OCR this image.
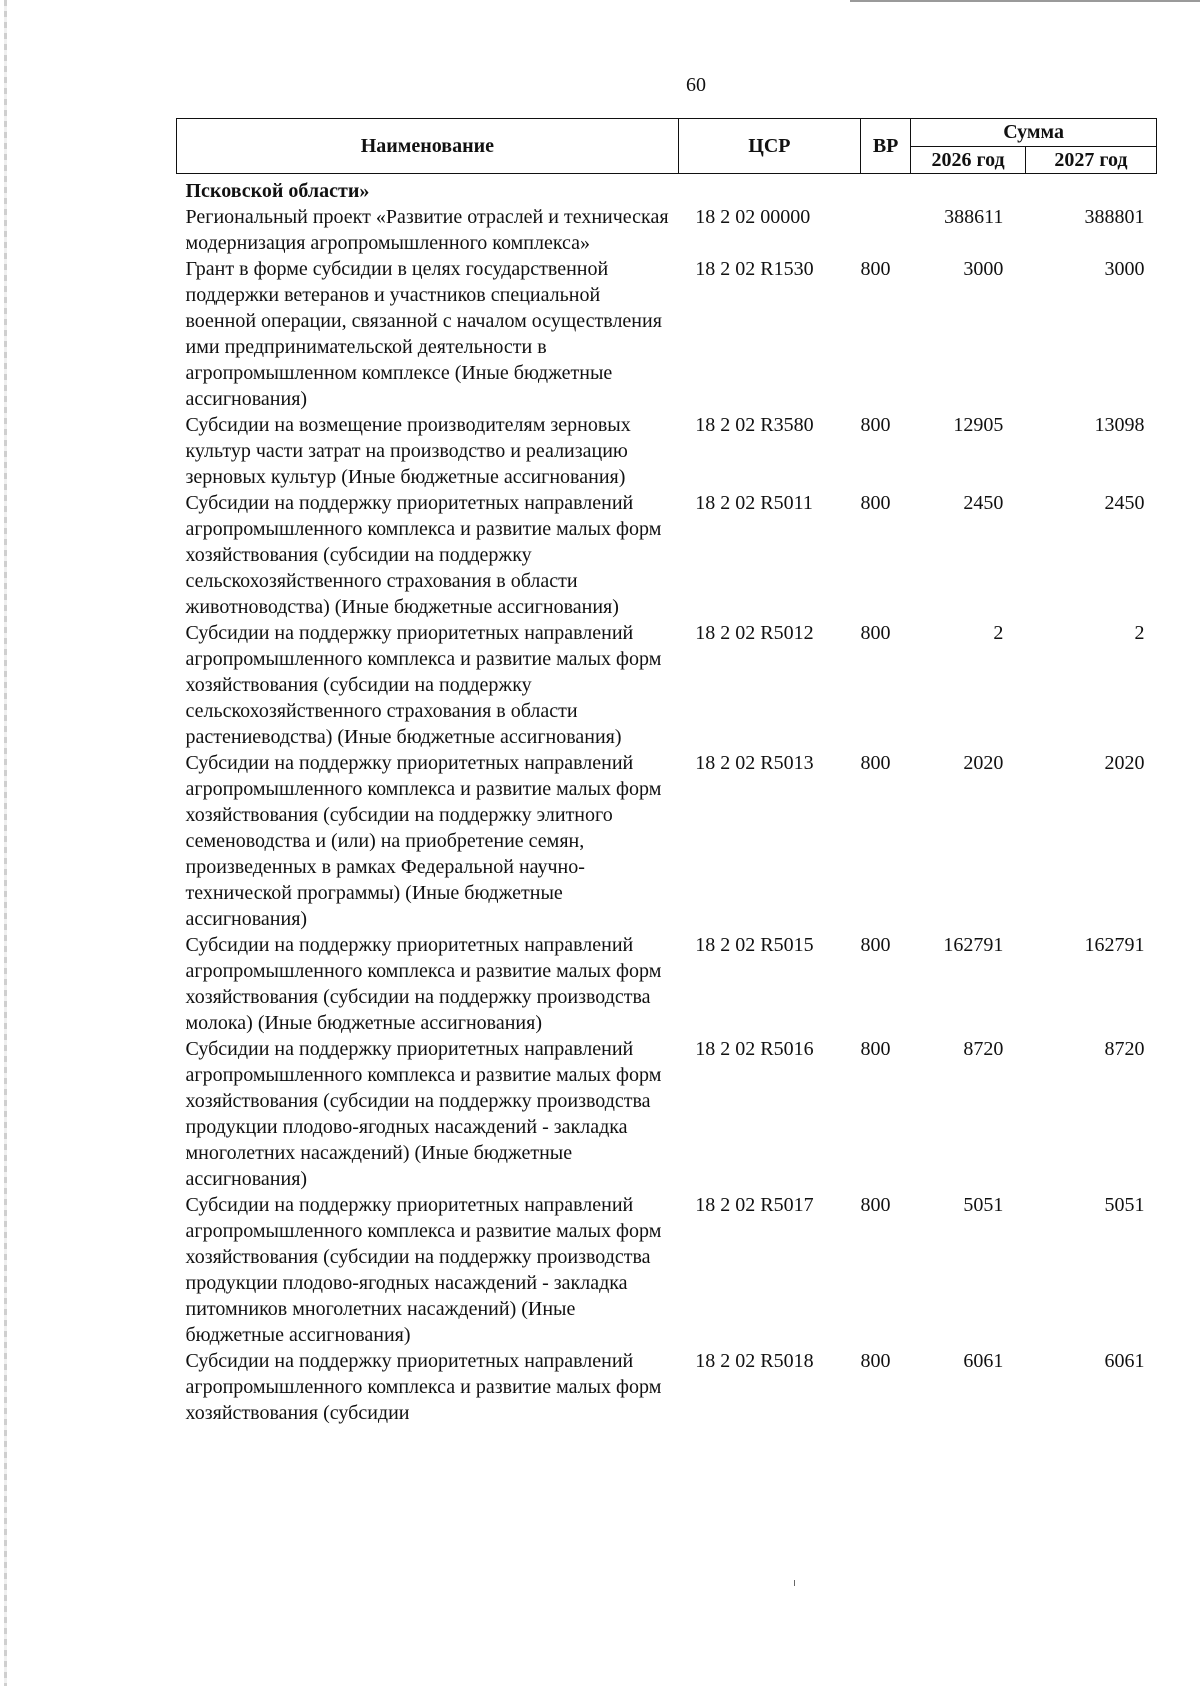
60
Наименование	ЦСР	ВР	Сумма	
			2026 год	2027 год
Псковской области»				
Региональный проект «Развитие отраслей и техническая модернизация агропромышленного комплекса»	18 2 02 00000		388611	388801
Грант в форме субсидии в целях государственной поддержки ветеранов и участников специальной военной операции, связанной с началом осуществления ими предпринимательской деятельности в агропромышленном комплексе (Иные бюджетные ассигнования)	18 2 02 R1530	800	3000	3000
Субсидии на возмещение производителям зерновых культур части затрат на производство и реализацию зерновых культур (Иные бюджетные ассигнования)	18 2 02 R3580	800	12905	13098
Субсидии на поддержку приоритетных направлений агропромышленного комплекса и развитие малых форм хозяйствования (субсидии на поддержку сельскохозяйственного страхования в области животноводства) (Иные бюджетные ассигнования)	18 2 02 R5011	800	2450	2450
Субсидии на поддержку приоритетных направлений агропромышленного комплекса и развитие малых форм хозяйствования (субсидии на поддержку сельскохозяйственного страхования в области растениеводства) (Иные бюджетные ассигнования)	18 2 02 R5012	800	2	2
Субсидии на поддержку приоритетных направлений агропромышленного комплекса и развитие малых форм хозяйствования (субсидии на поддержку элитного семеноводства и (или) на приобретение семян, произведенных в рамках Федеральной научно-технической программы) (Иные бюджетные ассигнования)	18 2 02 R5013	800	2020	2020
Субсидии на поддержку приоритетных направлений агропромышленного комплекса и развитие малых форм хозяйствования (субсидии на поддержку производства молока) (Иные бюджетные ассигнования)	18 2 02 R5015	800	162791	162791
Субсидии на поддержку приоритетных направлений агропромышленного комплекса и развитие малых форм хозяйствования (субсидии на поддержку производства продукции плодово-ягодных насаждений - закладка многолетних насаждений) (Иные бюджетные ассигнования)	18 2 02 R5016	800	8720	8720
Субсидии на поддержку приоритетных направлений агропромышленного комплекса и развитие малых форм хозяйствования (субсидии на поддержку производства продукции плодово-ягодных насаждений - закладка питомников многолетних насаждений) (Иные бюджетные ассигнования)	18 2 02 R5017	800	5051	5051
Субсидии на поддержку приоритетных направлений агропромышленного комплекса и развитие малых форм хозяйствования (субсидии	18 2 02 R5018	800	6061	6061
